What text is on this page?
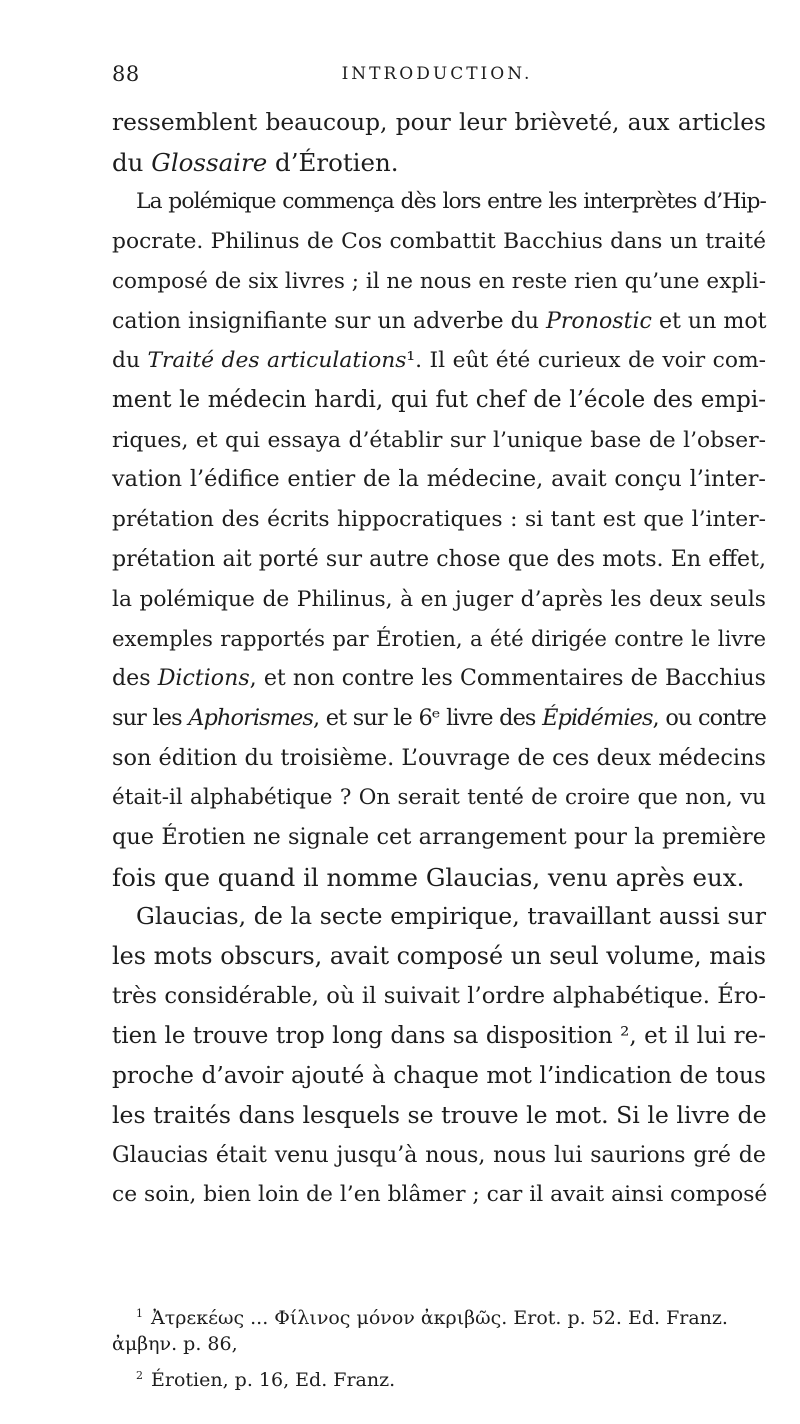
88	INTRODUCTION.
ressemblent beaucoup, pour leur brièveté, aux articles
du Glossaire d’Érotien.
La polémique commença dès lors entre les interprètes d’Hip-
pocrate. Philinus de Cos combattit Bacchius dans un traité
composé de six livres ; il ne nous en reste rien qu’une expli-
cation insignifiante sur un adverbe du Pronostic et un mot
du Traité des articulations¹. Il eût été curieux de voir com-
ment le médecin hardi, qui fut chef de l’école des empi-
riques, et qui essaya d’établir sur l’unique base de l’obser-
vation l’édifice entier de la médecine, avait conçu l’inter-
prétation des écrits hippocratiques : si tant est que l’inter-
prétation ait porté sur autre chose que des mots. En effet,
la polémique de Philinus, à en juger d’après les deux seuls
exemples rapportés par Érotien, a été dirigée contre le livre
des Dictions, et non contre les Commentaires de Bacchius
sur les Aphorismes, et sur le 6ᵉ livre des Épidémies, ou contre
son édition du troisième. L’ouvrage de ces deux médecins
était-il alphabétique ? On serait tenté de croire que non, vu
que Érotien ne signale cet arrangement pour la première
fois que quand il nomme Glaucias, venu après eux.
Glaucias, de la secte empirique, travaillant aussi sur
les mots obscurs, avait composé un seul volume, mais
très considérable, où il suivait l’ordre alphabétique. Éro-
tien le trouve trop long dans sa disposition ², et il lui re-
proche d’avoir ajouté à chaque mot l’indication de tous
les traités dans lesquels se trouve le mot. Si le livre de
Glaucias était venu jusqu’à nous, nous lui saurions gré de
ce soin, bien loin de l’en blâmer ; car il avait ainsi composé
$^1$ Ἀτρεκέως ... Φίλινος μόνον ἀκριβῶς. Erot. p. 52. Ed. Franz.
ἀμβην. p. 86,
$^2$ Érotien, p. 16, Ed. Franz.
